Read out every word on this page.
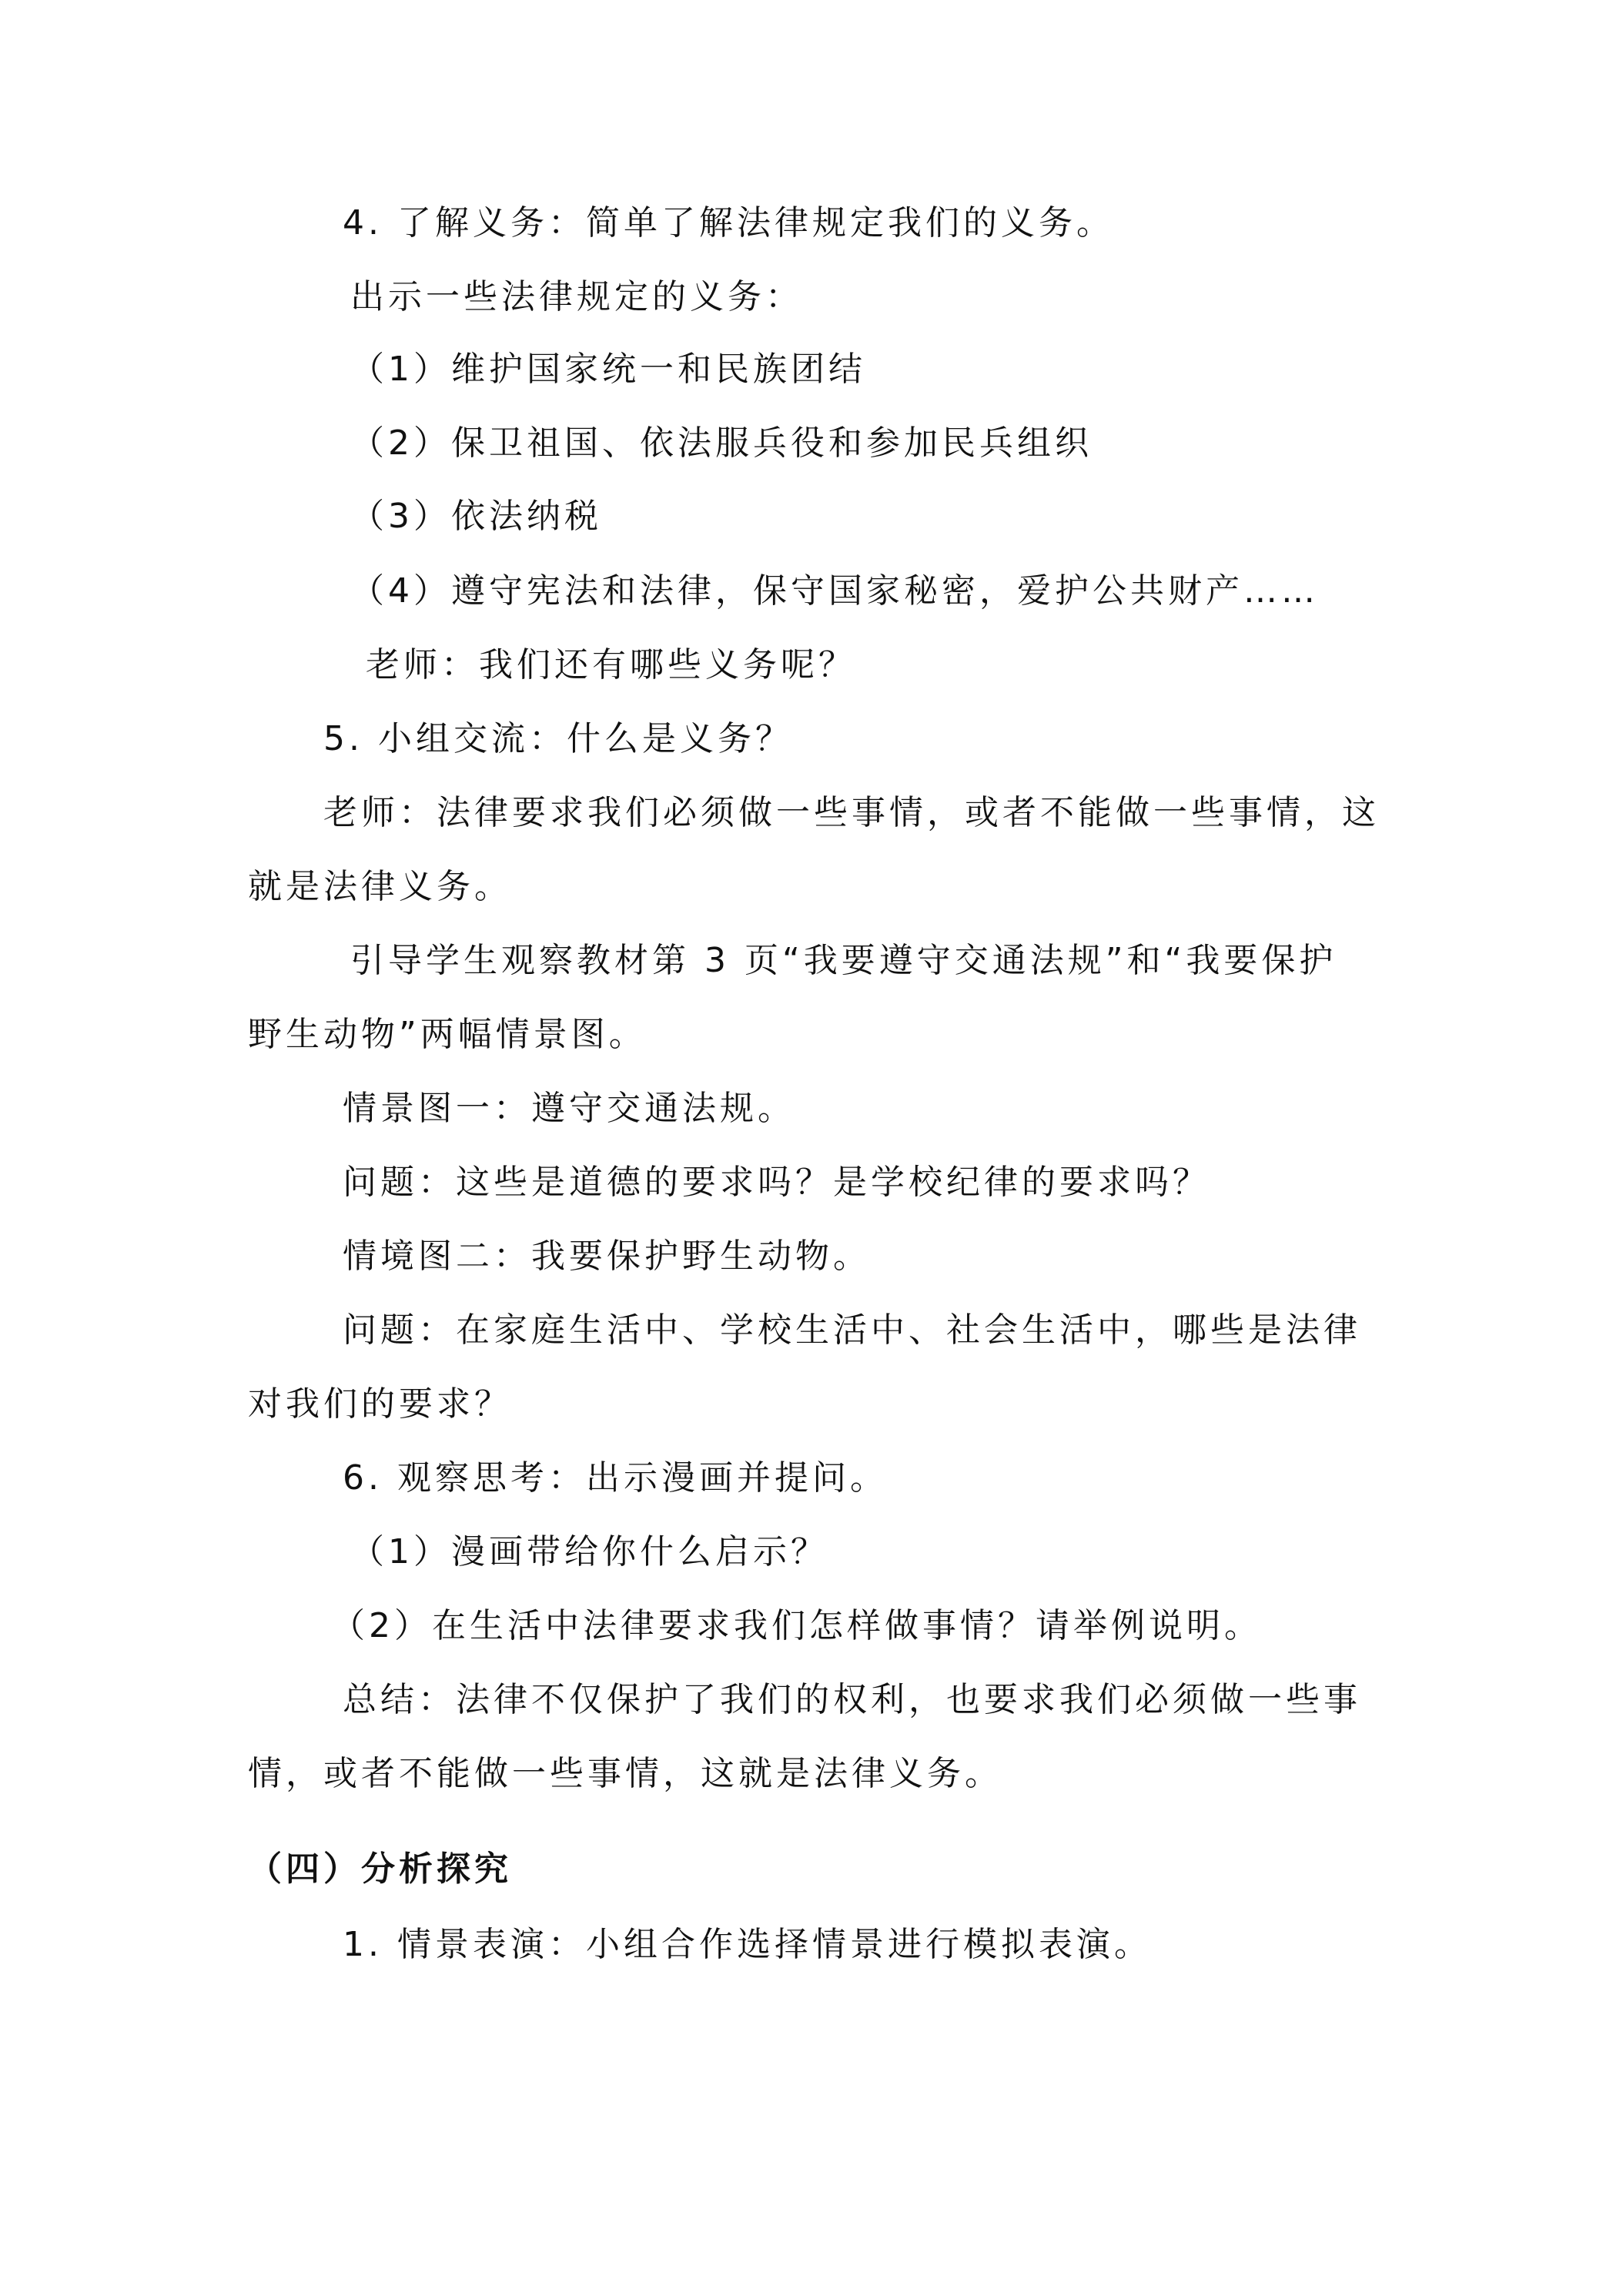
4. 了解义务：简单了解法律规定我们的义务。
出示一些法律规定的义务：
（1）维护国家统一和民族团结
（2）保卫祖国、依法服兵役和参加民兵组织
（3）依法纳税
（4）遵守宪法和法律，保守国家秘密，爱护公共财产……
老师：我们还有哪些义务呢？
5. 小组交流：什么是义务？
老师：法律要求我们必须做一些事情，或者不能做一些事情，这
就是法律义务。
引导学生观察教材第 3 页“我要遵守交通法规”和“我要保护
野生动物”两幅情景图。
情景图一：遵守交通法规。
问题：这些是道德的要求吗？是学校纪律的要求吗？
情境图二：我要保护野生动物。
问题：在家庭生活中、学校生活中、社会生活中，哪些是法律
对我们的要求？
6. 观察思考：出示漫画并提问。
（1）漫画带给你什么启示？
（2）在生活中法律要求我们怎样做事情？请举例说明。
总结：法律不仅保护了我们的权利，也要求我们必须做一些事
情，或者不能做一些事情，这就是法律义务。
（四）分析探究
1. 情景表演：小组合作选择情景进行模拟表演。
